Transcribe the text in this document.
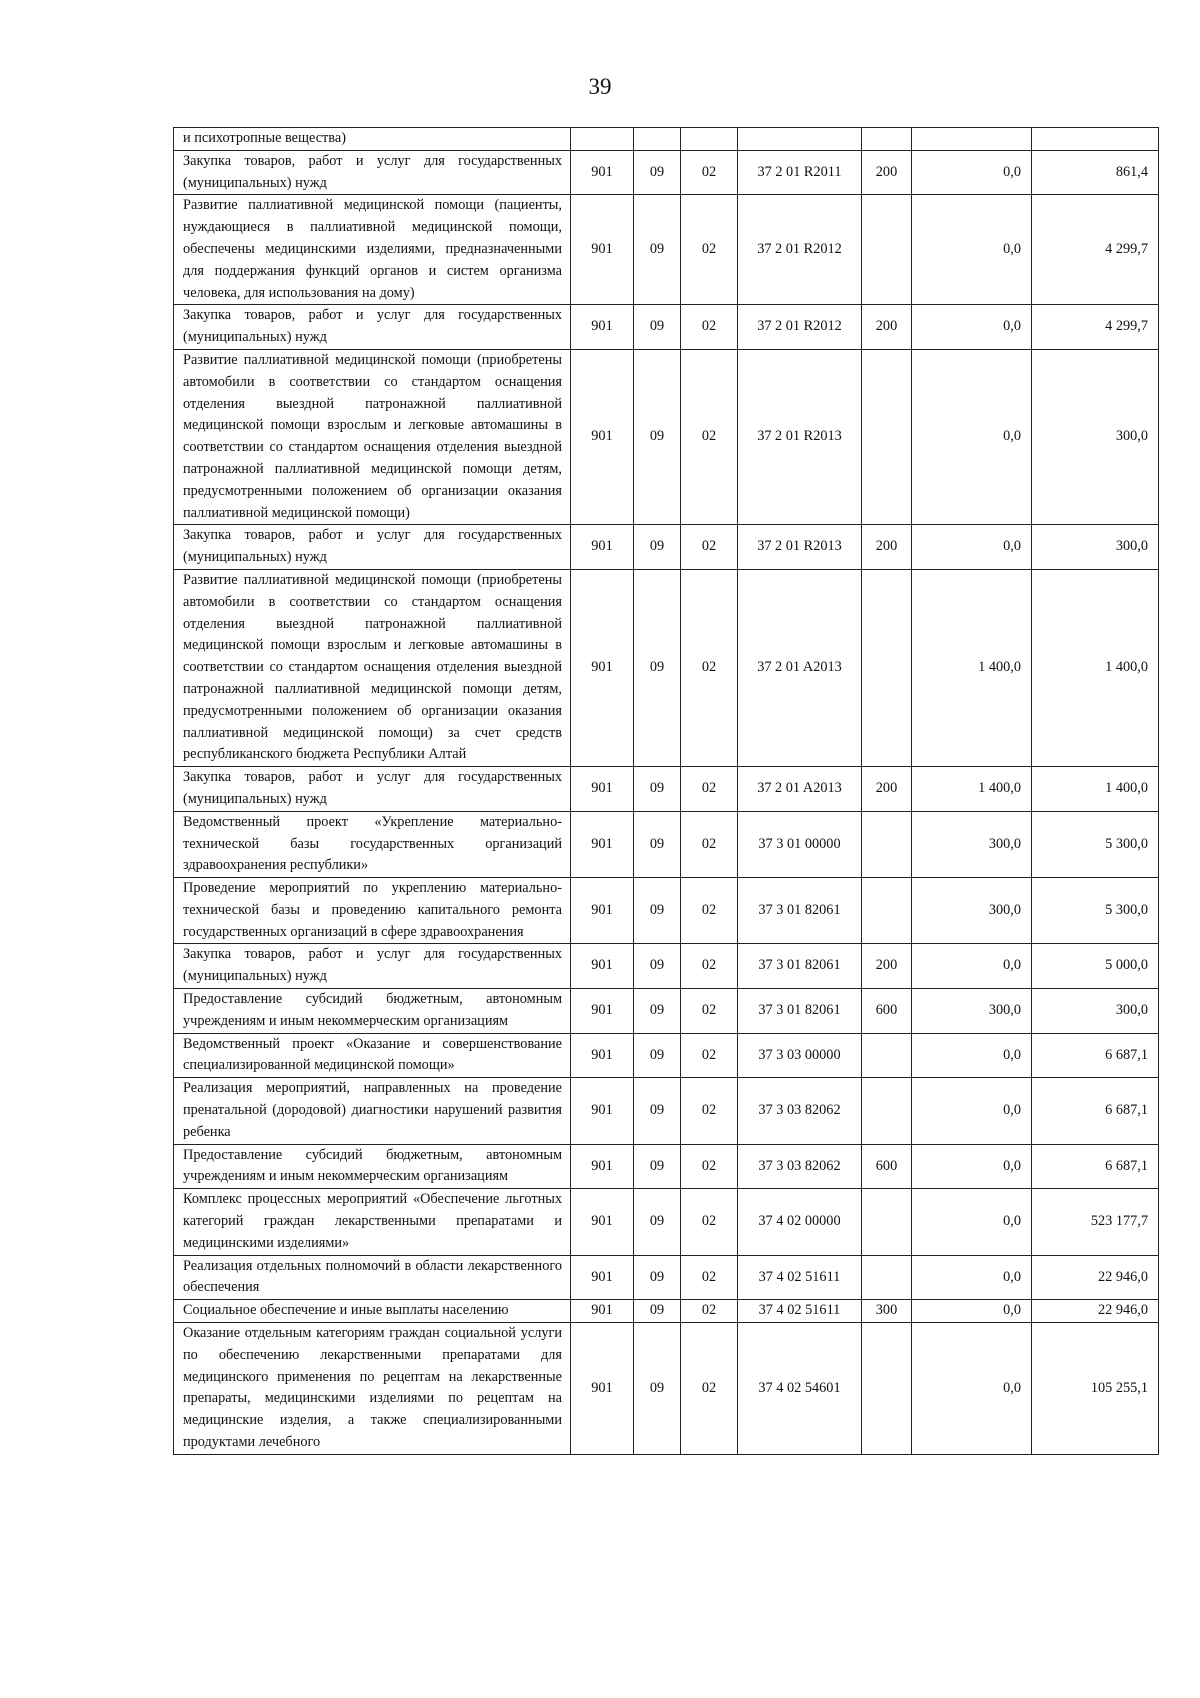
39
и психотропные вещества)							
Закупка товаров, работ и услуг для государственных (муниципальных) нужд	901	09	02	37 2 01 R2011	200	0,0	861,4
Развитие паллиативной медицинской помощи (пациенты, нуждающиеся в паллиативной медицинской помощи, обеспечены медицинскими изделиями, предназначенными для поддержания функций органов и систем организма человека, для использования на дому)	901	09	02	37 2 01 R2012		0,0	4 299,7
Закупка товаров, работ и услуг для государственных (муниципальных) нужд	901	09	02	37 2 01 R2012	200	0,0	4 299,7
Развитие паллиативной медицинской помощи (приобретены автомобили в соответствии со стандартом оснащения отделения выездной патронажной паллиативной медицинской помощи взрослым и легковые автомашины в соответствии со стандартом оснащения отделения выездной патронажной паллиативной медицинской помощи детям, предусмотренными положением об организации оказания паллиативной медицинской помощи)	901	09	02	37 2 01 R2013		0,0	300,0
Закупка товаров, работ и услуг для государственных (муниципальных) нужд	901	09	02	37 2 01 R2013	200	0,0	300,0
Развитие паллиативной медицинской помощи (приобретены автомобили в соответствии со стандартом оснащения отделения выездной патронажной паллиативной медицинской помощи взрослым и легковые автомашины в соответствии со стандартом оснащения отделения выездной патронажной паллиативной медицинской помощи детям, предусмотренными положением об организации оказания паллиативной медицинской помощи) за счет средств республиканского бюджета Республики Алтай	901	09	02	37 2 01 A2013		1 400,0	1 400,0
Закупка товаров, работ и услуг для государственных (муниципальных) нужд	901	09	02	37 2 01 A2013	200	1 400,0	1 400,0
Ведомственный проект «Укрепление материально-технической базы государственных организаций здравоохранения республики»	901	09	02	37 3 01 00000		300,0	5 300,0
Проведение мероприятий по укреплению материально-технической базы и проведению капитального ремонта государственных организаций в сфере здравоохранения	901	09	02	37 3 01 82061		300,0	5 300,0
Закупка товаров, работ и услуг для государственных (муниципальных) нужд	901	09	02	37 3 01 82061	200	0,0	5 000,0
Предоставление субсидий бюджетным, автономным учреждениям и иным некоммерческим организациям	901	09	02	37 3 01 82061	600	300,0	300,0
Ведомственный проект «Оказание и совершенствование специализированной медицинской помощи»	901	09	02	37 3 03 00000		0,0	6 687,1
Реализация мероприятий, направленных на проведение пренатальной (дородовой) диагностики нарушений развития ребенка	901	09	02	37 3 03 82062		0,0	6 687,1
Предоставление субсидий бюджетным, автономным учреждениям и иным некоммерческим организациям	901	09	02	37 3 03 82062	600	0,0	6 687,1
Комплекс процессных мероприятий «Обеспечение льготных категорий граждан лекарственными препаратами и медицинскими изделиями»	901	09	02	37 4 02 00000		0,0	523 177,7
Реализация отдельных полномочий в области лекарственного обеспечения	901	09	02	37 4 02 51611		0,0	22 946,0
Социальное обеспечение и иные выплаты населению	901	09	02	37 4 02 51611	300	0,0	22 946,0
Оказание отдельным категориям граждан социальной услуги по обеспечению лекарственными препаратами для медицинского применения по рецептам на лекарственные препараты, медицинскими изделиями по рецептам на медицинские изделия, а также специализированными продуктами лечебного	901	09	02	37 4 02 54601		0,0	105 255,1
